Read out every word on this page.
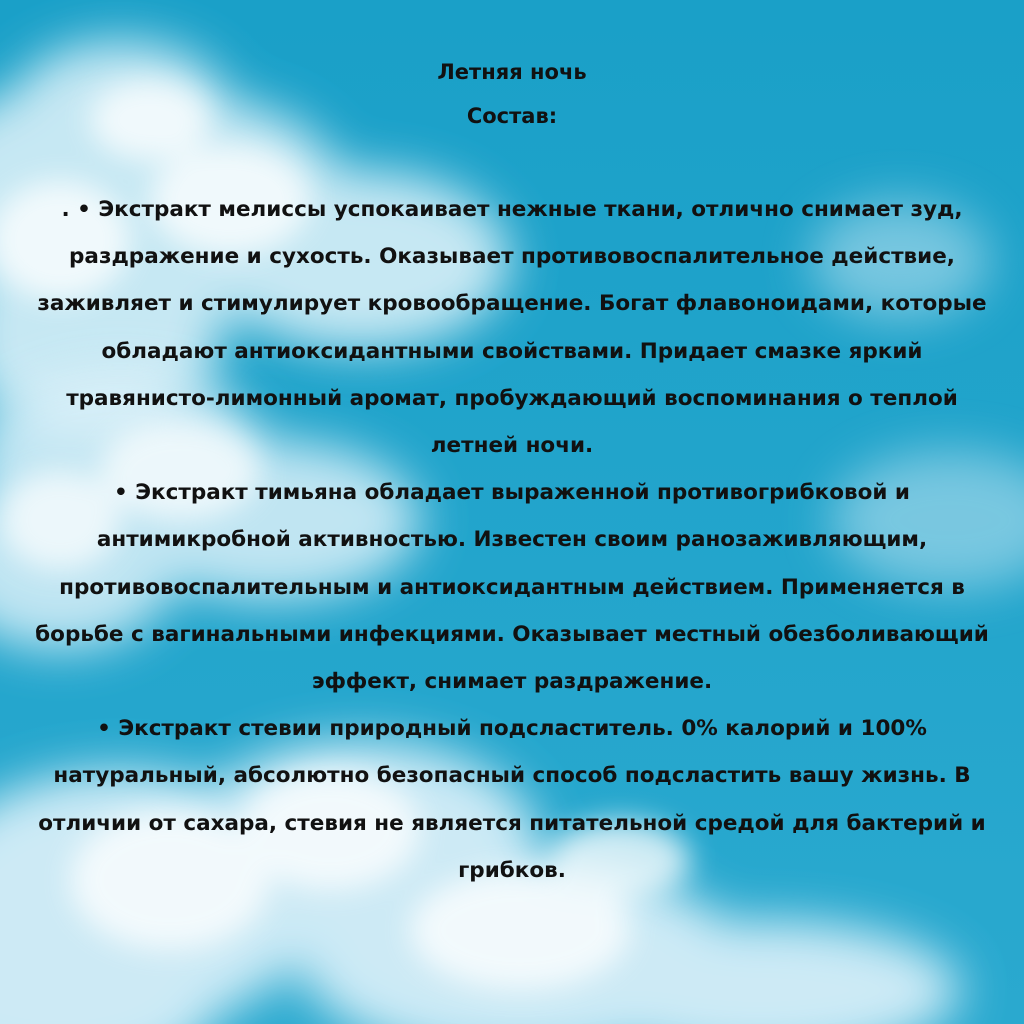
Летняя ночь

Состав:

. • Экстракт мелиссы успокаивает нежные ткани, отлично снимает зуд, раздражение и сухость. Оказывает противовоспалительное действие, заживляет и стимулирует кровообращение. Богат флавоноидами, которые обладают антиоксидантными свойствами. Придает смазке яркий травянисто-лимонный аромат, пробуждающий воспоминания о теплой летней ночи.

• Экстракт тимьяна обладает выраженной противогрибковой и антимикробной активностью. Известен своим ранозаживляющим, противовоспалительным и антиоксидантным действием. Применяется в борьбе с вагинальными инфекциями. Оказывает местный обезболивающий эффект, снимает раздражение.

• Экстракт стевии природный подсластитель. 0% калорий и 100% натуральный, абсолютно безопасный способ подсластить вашу жизнь. В отличии от сахара, стевия не является питательной средой для бактерий и грибков.
